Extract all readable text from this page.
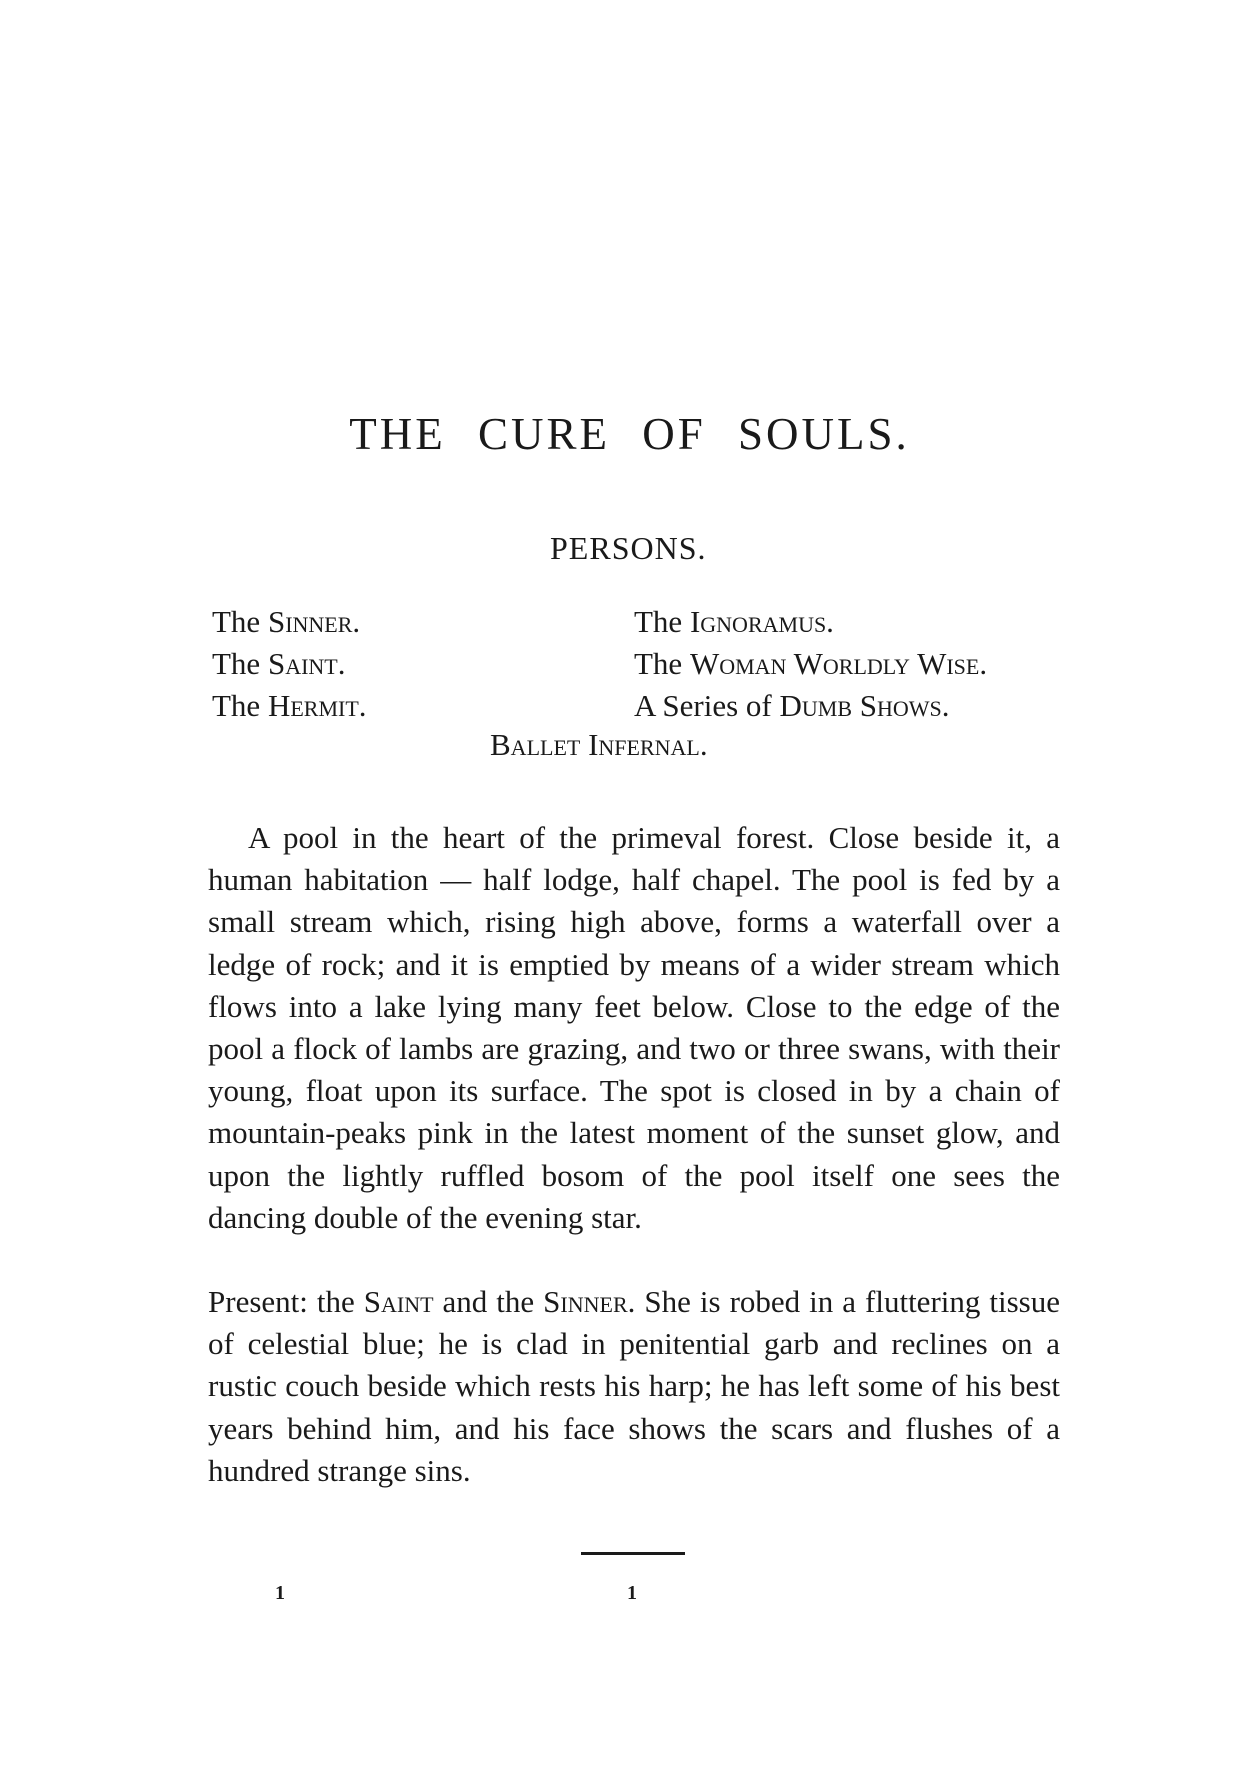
THE CURE OF SOULS.
PERSONS.
The Sinner.
The Saint.
The Hermit.
The Ignoramus.
The Woman Worldly Wise.
A Series of Dumb Shows.
Ballet Infernal.

A pool in the heart of the primeval forest. Close beside it, a human habitation — half lodge, half chapel. The pool is fed by a small stream which, rising high above, forms a waterfall over a ledge of rock; and it is emptied by means of a wider stream which flows into a lake lying many feet below. Close to the edge of the pool a flock of lambs are grazing, and two or three swans, with their young, float upon its surface. The spot is closed in by a chain of mountain-peaks pink in the latest moment of the sunset glow, and upon the lightly ruffled bosom of the pool itself one sees the dancing double of the evening star.

Present: the Saint and the Sinner. She is robed in a fluttering tissue of celestial blue; he is clad in penitential garb and reclines on a rustic couch beside which rests his harp; he has left some of his best years behind him, and his face shows the scars and flushes of a hundred strange sins.

1	1
